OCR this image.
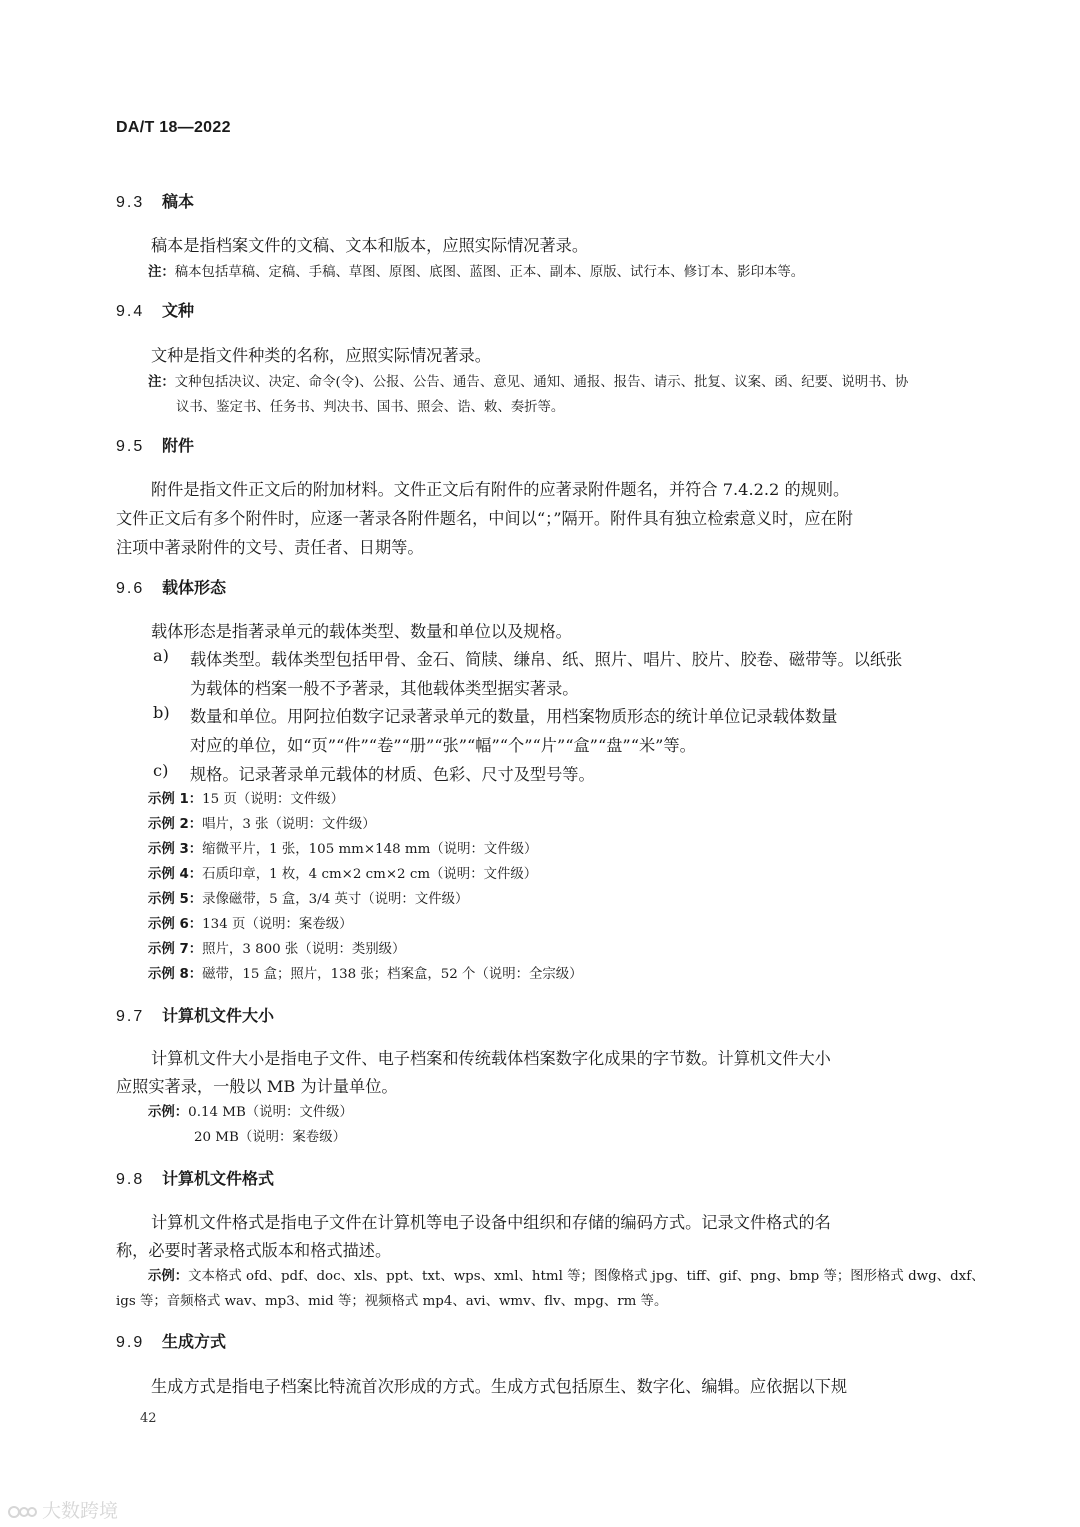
DA/T 18—2022
9.3 稿本
稿本是指档案文件的文稿、文本和版本，应照实际情况著录。
注：稿本包括草稿、定稿、手稿、草图、原图、底图、蓝图、正本、副本、原版、试行本、修订本、影印本等。
9.4 文种
文种是指文件种类的名称，应照实际情况著录。
注：文种包括决议、决定、命令(令)、公报、公告、通告、意见、通知、通报、报告、请示、批复、议案、函、纪要、说明书、协
议书、鉴定书、任务书、判决书、国书、照会、诰、敕、奏折等。
9.5 附件
附件是指文件正文后的附加材料。文件正文后有附件的应著录附件题名，并符合 7.4.2.2 的规则。
文件正文后有多个附件时，应逐一著录各附件题名，中间以“；”隔开。附件具有独立检索意义时，应在附
注项中著录附件的文号、责任者、日期等。
9.6 载体形态
载体形态是指著录单元的载体类型、数量和单位以及规格。
a) 载体类型。载体类型包括甲骨、金石、简牍、缣帛、纸、照片、唱片、胶片、胶卷、磁带等。以纸张
为载体的档案一般不予著录，其他载体类型据实著录。
b) 数量和单位。用阿拉伯数字记录著录单元的数量，用档案物质形态的统计单位记录载体数量
对应的单位，如“页”“件”“卷”“册”“张”“幅”“个”“片”“盒”“盘”“米”等。
c) 规格。记录著录单元载体的材质、色彩、尺寸及型号等。
示例 1：15 页（说明：文件级）
示例 2：唱片，3 张（说明：文件级）
示例 3：缩微平片，1 张，105 mm×148 mm（说明：文件级）
示例 4：石质印章，1 枚，4 cm×2 cm×2 cm（说明：文件级）
示例 5：录像磁带，5 盒，3/4 英寸（说明：文件级）
示例 6：134 页（说明：案卷级）
示例 7：照片，3 800 张（说明：类别级）
示例 8：磁带，15 盒；照片，138 张；档案盒，52 个（说明：全宗级）
9.7 计算机文件大小
计算机文件大小是指电子文件、电子档案和传统载体档案数字化成果的字节数。计算机文件大小
应照实著录，一般以 MB 为计量单位。
示例：0.14 MB（说明：文件级）
20 MB（说明：案卷级）
9.8 计算机文件格式
计算机文件格式是指电子文件在计算机等电子设备中组织和存储的编码方式。记录文件格式的名
称，必要时著录格式版本和格式描述。
示例：文本格式 ofd、pdf、doc、xls、ppt、txt、wps、xml、html 等；图像格式 jpg、tiff、gif、png、bmp 等；图形格式 dwg、dxf、
igs 等；音频格式 wav、mp3、mid 等；视频格式 mp4、avi、wmv、flv、mpg、rm 等。
9.9 生成方式
生成方式是指电子档案比特流首次形成的方式。生成方式包括原生、数字化、编辑。应依据以下规
42
大数跨境
